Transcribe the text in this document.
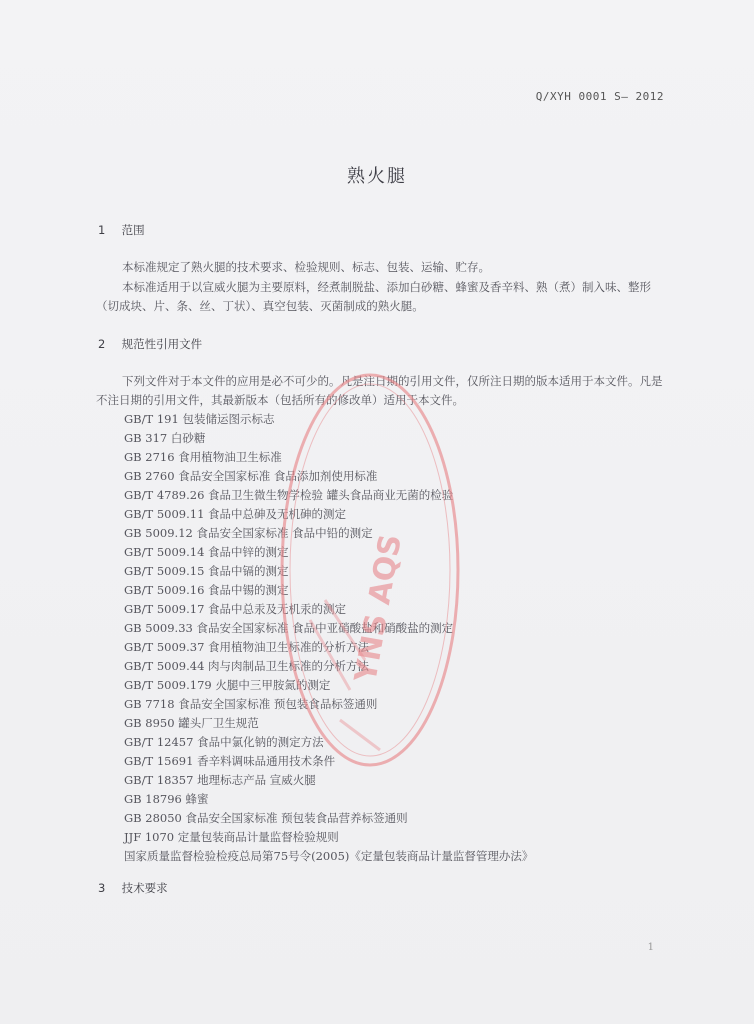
Q/XYH 0001 S— 2012
熟火腿
1 范围
本标准规定了熟火腿的技术要求、检验规则、标志、包装、运输、贮存。
本标准适用于以宣威火腿为主要原料，经煮制脱盐、添加白砂糖、蜂蜜及香辛料、熟（煮）制入味、整形（切成块、片、条、丝、丁状）、真空包装、灭菌制成的熟火腿。
2 规范性引用文件
下列文件对于本文件的应用是必不可少的。凡是注日期的引用文件，仅所注日期的版本适用于本文件。凡是不注日期的引用文件，其最新版本（包括所有的修改单）适用于本文件。
GB/T 191 包装储运图示标志
GB 317 白砂糖
GB 2716 食用植物油卫生标准
GB 2760 食品安全国家标准 食品添加剂使用标准
GB/T 4789.26 食品卫生微生物学检验 罐头食品商业无菌的检验
GB/T 5009.11 食品中总砷及无机砷的测定
GB 5009.12 食品安全国家标准 食品中铅的测定
GB/T 5009.14 食品中锌的测定
GB/T 5009.15 食品中镉的测定
GB/T 5009.16 食品中锡的测定
GB/T 5009.17 食品中总汞及无机汞的测定
GB 5009.33 食品安全国家标准 食品中亚硝酸盐和硝酸盐的测定
GB/T 5009.37 食用植物油卫生标准的分析方法
GB/T 5009.44 肉与肉制品卫生标准的分析方法
GB/T 5009.179 火腿中三甲胺氮的测定
GB 7718 食品安全国家标准 预包装食品标签通则
GB 8950 罐头厂卫生规范
GB/T 12457 食品中氯化钠的测定方法
GB/T 15691 香辛料调味品通用技术条件
GB/T 18357 地理标志产品 宣威火腿
GB 18796 蜂蜜
GB 28050 食品安全国家标准 预包装食品营养标签通则
JJF 1070 定量包装商品计量监督检验规则
国家质量监督检验检疫总局第75号令(2005)《定量包装商品计量监督管理办法》
3 技术要求
1
YNS AQS
